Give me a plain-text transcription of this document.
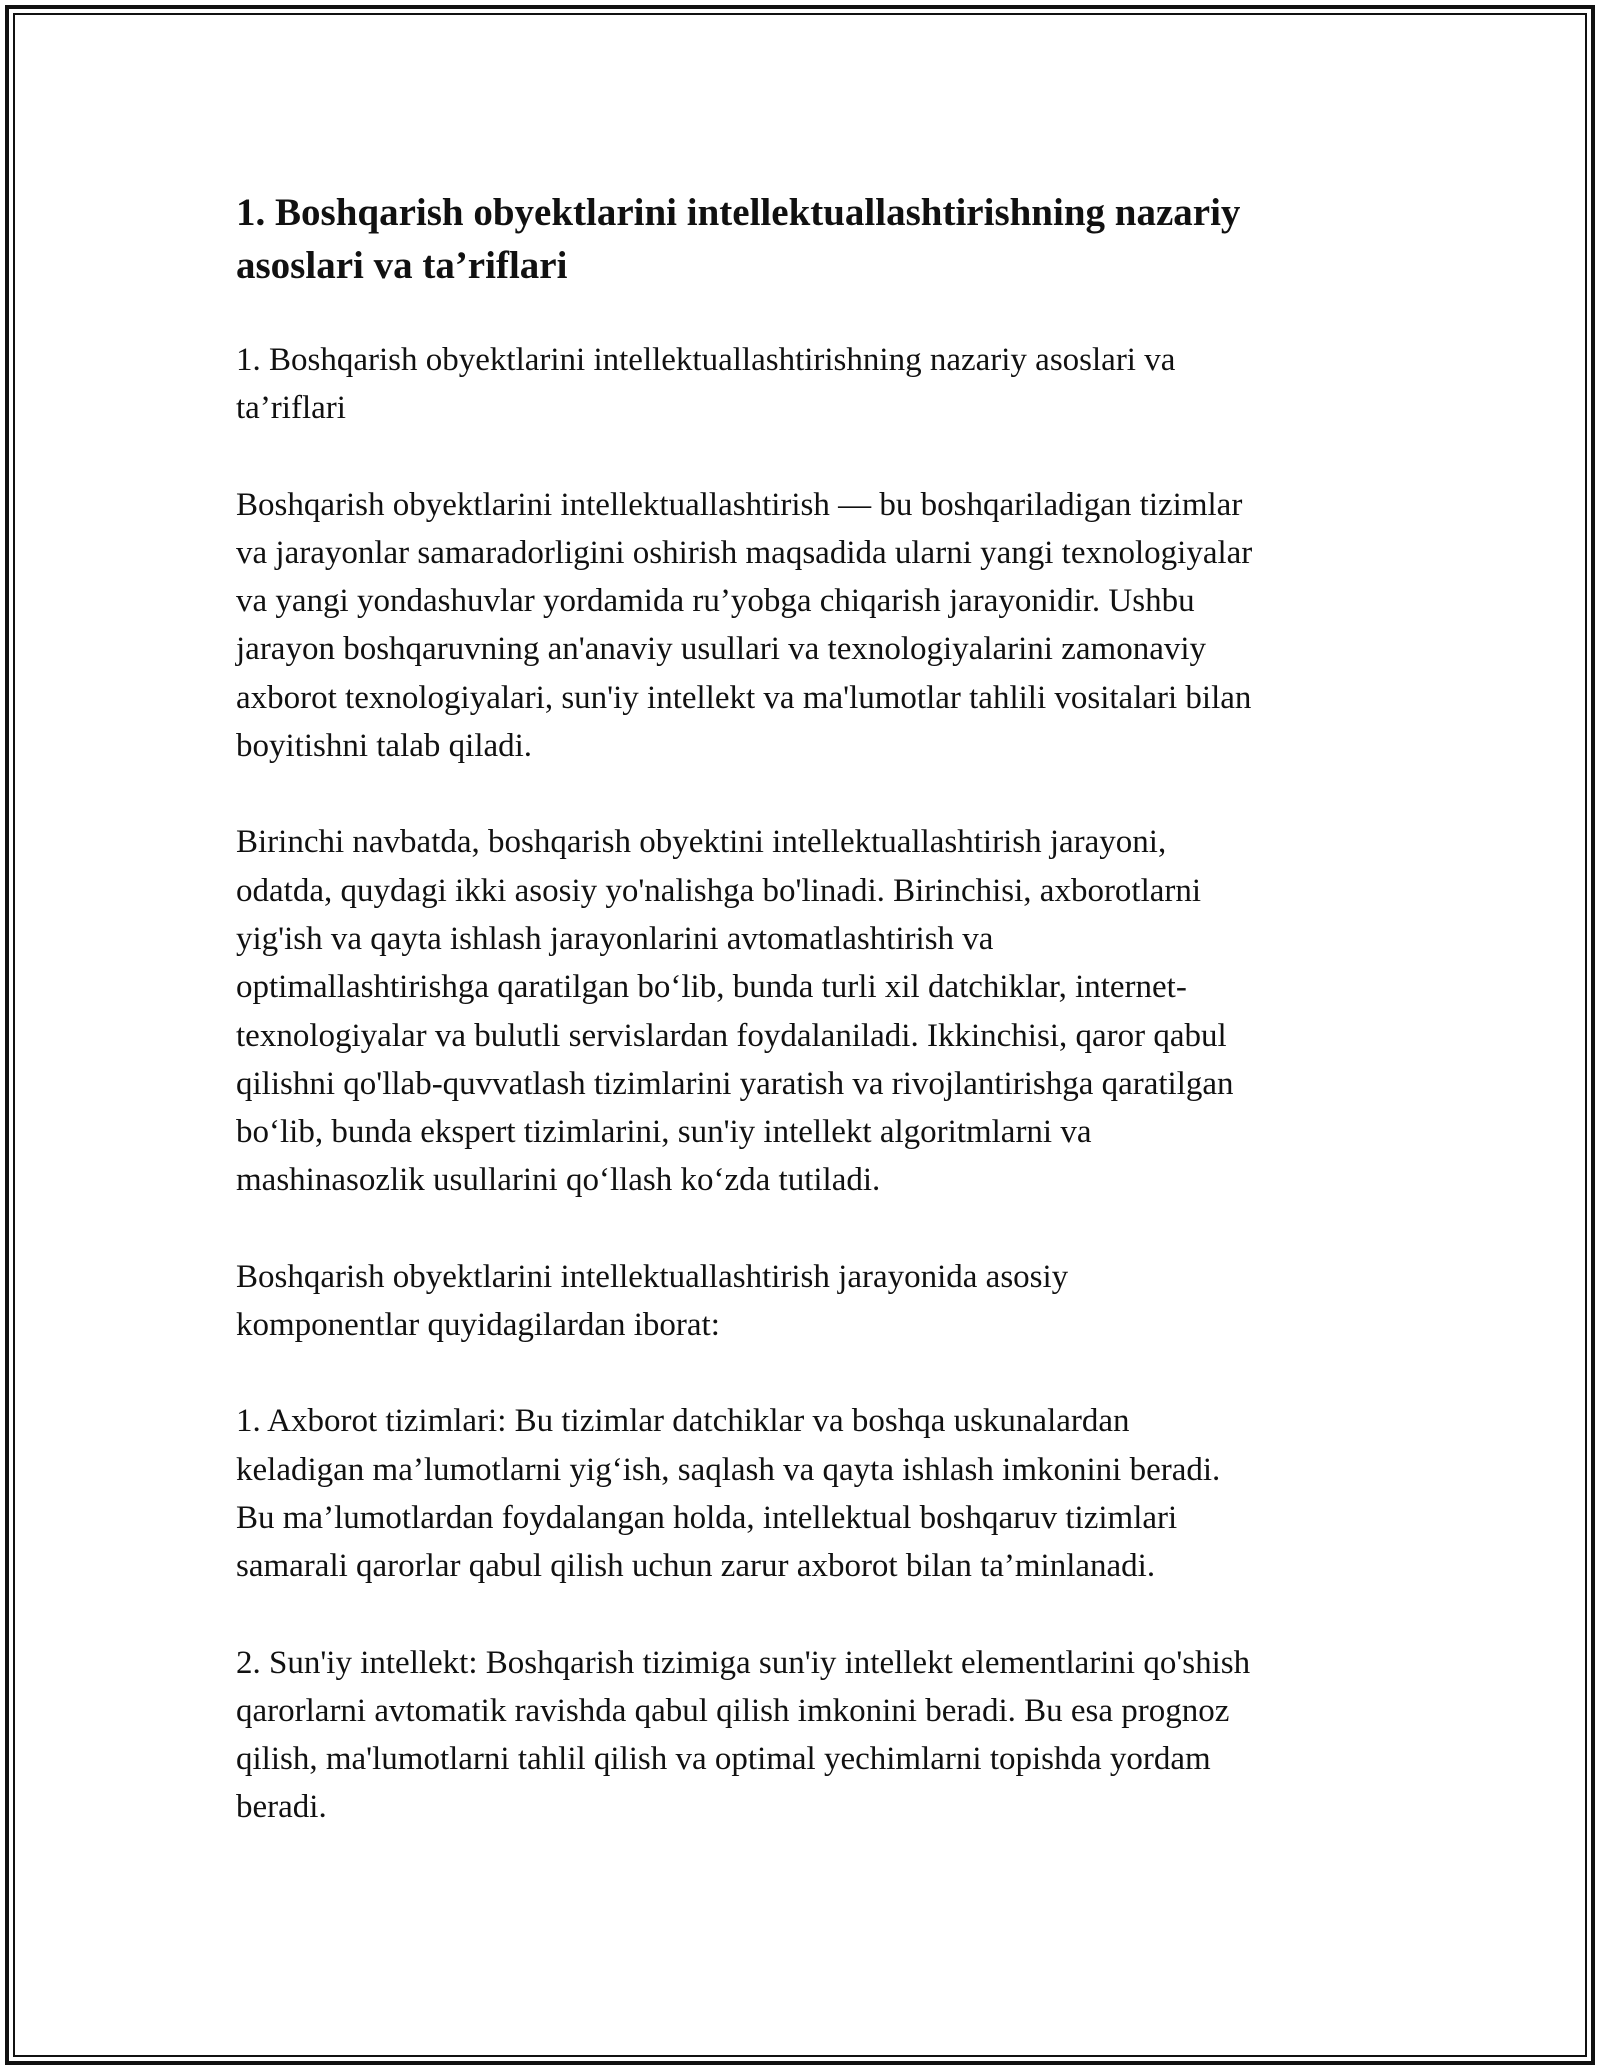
1. Boshqarish obyektlarini intellektuallashtirishning nazariy asoslari va ta’riflari

1. Boshqarish obyektlarini intellektuallashtirishning nazariy asoslari va
ta’riflari

Boshqarish obyektlarini intellektuallashtirish — bu boshqariladigan tizimlar
va jarayonlar samaradorligini oshirish maqsadida ularni yangi texnologiyalar
va yangi yondashuvlar yordamida ru’yobga chiqarish jarayonidir. Ushbu
jarayon boshqaruvning an'anaviy usullari va texnologiyalarini zamonaviy
axborot texnologiyalari, sun'iy intellekt va ma'lumotlar tahlili vositalari bilan
boyitishni talab qiladi.

Birinchi navbatda, boshqarish obyektini intellektuallashtirish jarayoni,
odatda, quydagi ikki asosiy yo'nalishga bo'linadi. Birinchisi, axborotlarni
yig'ish va qayta ishlash jarayonlarini avtomatlashtirish va
optimallashtirishga qaratilgan bo‘lib, bunda turli xil datchiklar, internet-
texnologiyalar va bulutli servislardan foydalaniladi. Ikkinchisi, qaror qabul
qilishni qo'llab-quvvatlash tizimlarini yaratish va rivojlantirishga qaratilgan
bo‘lib, bunda ekspert tizimlarini, sun'iy intellekt algoritmlarni va
mashinasozlik usullarini qo‘llash ko‘zda tutiladi.

Boshqarish obyektlarini intellektuallashtirish jarayonida asosiy
komponentlar quyidagilardan iborat:

1. Axborot tizimlari: Bu tizimlar datchiklar va boshqa uskunalardan
keladigan ma’lumotlarni yig‘ish, saqlash va qayta ishlash imkonini beradi.
Bu ma’lumotlardan foydalangan holda, intellektual boshqaruv tizimlari
samarali qarorlar qabul qilish uchun zarur axborot bilan ta’minlanadi.

2. Sun'iy intellekt: Boshqarish tizimiga sun'iy intellekt elementlarini qo'shish
qarorlarni avtomatik ravishda qabul qilish imkonini beradi. Bu esa prognoz
qilish, ma'lumotlarni tahlil qilish va optimal yechimlarni topishda yordam
beradi.
